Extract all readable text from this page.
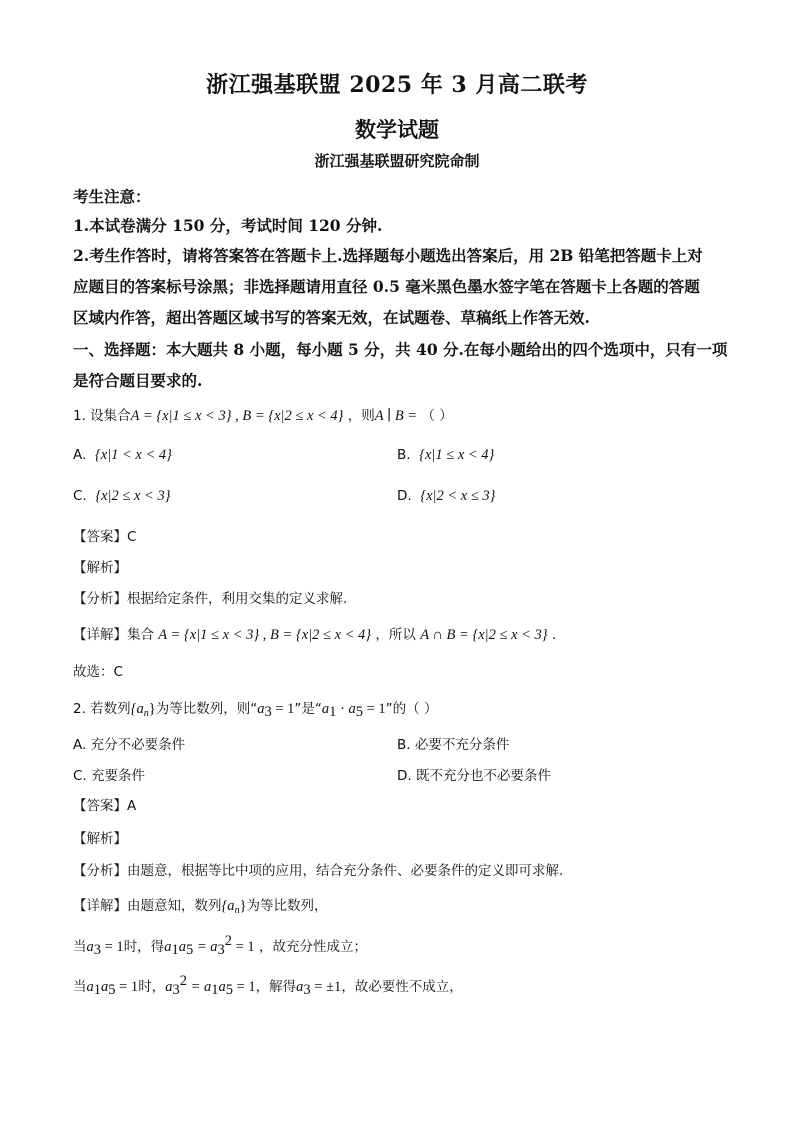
浙江强基联盟 2025 年 3 月高二联考
数学试题
浙江强基联盟研究院命制
考生注意：
1.本试卷满分 150 分，考试时间 120 分钟.
2.考生作答时，请将答案答在答题卡上.选择题每小题选出答案后，用 2B 铅笔把答题卡上对
应题目的答案标号涂黑；非选择题请用直径 0.5 毫米黑色墨水签字笔在答题卡上各题的答题
区域内作答，超出答题区域书写的答案无效，在试题卷、草稿纸上作答无效.
一、选择题：本大题共 8 小题，每小题 5 分，共 40 分.在每小题给出的四个选项中，只有一项
是符合题目要求的.
1. 设集合A = {x|1 ≤ x < 3} , B = {x|2 ≤ x < 4} ，则A ∣ B = （ ）
A. {x|1 < x < 4}	B. {x|1 ≤ x < 4}
C. {x|2 ≤ x < 3}	D. {x|2 < x ≤ 3}
【答案】C
【解析】
【分析】根据给定条件，利用交集的定义求解.
【详解】集合 A = {x|1 ≤ x < 3} , B = {x|2 ≤ x < 4} ，所以 A ∩ B = {x|2 ≤ x < 3} .
故选：C
2. 若数列$\{a_n\}$为等比数列，则“$a_3 = 1$”是“$a_1 \cdot a_5 = 1$”的（ ）
A. 充分不必要条件	B. 必要不充分条件
C. 充要条件	D. 既不充分也不必要条件
【答案】A
【解析】
【分析】由题意，根据等比中项的应用，结合充分条件、必要条件的定义即可求解.
【详解】由题意知，数列$\{a_n\}$为等比数列，
当$a_3 = 1$时，得$a_1a_5 = a_3^2 = 1$ ，故充分性成立；
当$a_1a_5 = 1$时，$a_3^2 = a_1a_5 = 1$，解得$a_3 = \pm 1$，故必要性不成立，
